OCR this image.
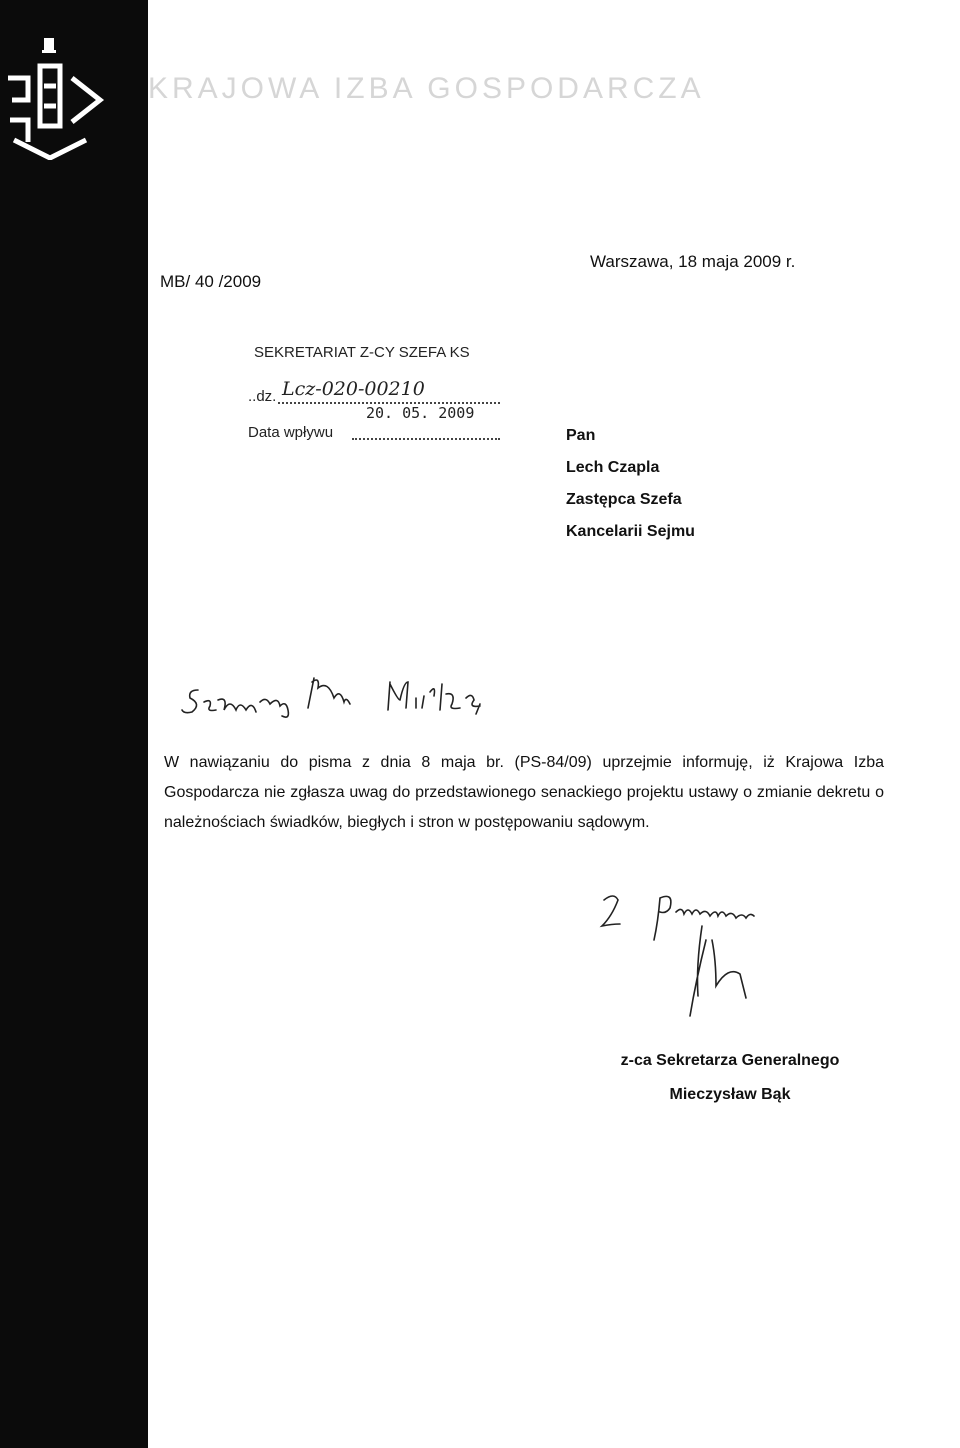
KRAJOWA IZBA GOSPODARCZA
MB/ 40 /2009
Warszawa, 18 maja 2009 r.
SEKRETARIAT Z-CY SZEFA KS
..dz. Lcz-020-00210
20. 05. 2009
Data wpływu	Pan
Lech Czapla
Zastępca Szefa
Kancelarii Sejmu
W nawiązaniu do pisma z dnia 8 maja br. (PS-84/09) uprzejmie informuję, iż Krajowa Izba Gospodarcza nie zgłasza uwag do przedstawionego senackiego projektu ustawy o zmianie dekretu o należnościach świadków, biegłych i stron w postępowaniu sądowym.
z-ca Sekretarza Generalnego
Mieczysław Bąk
